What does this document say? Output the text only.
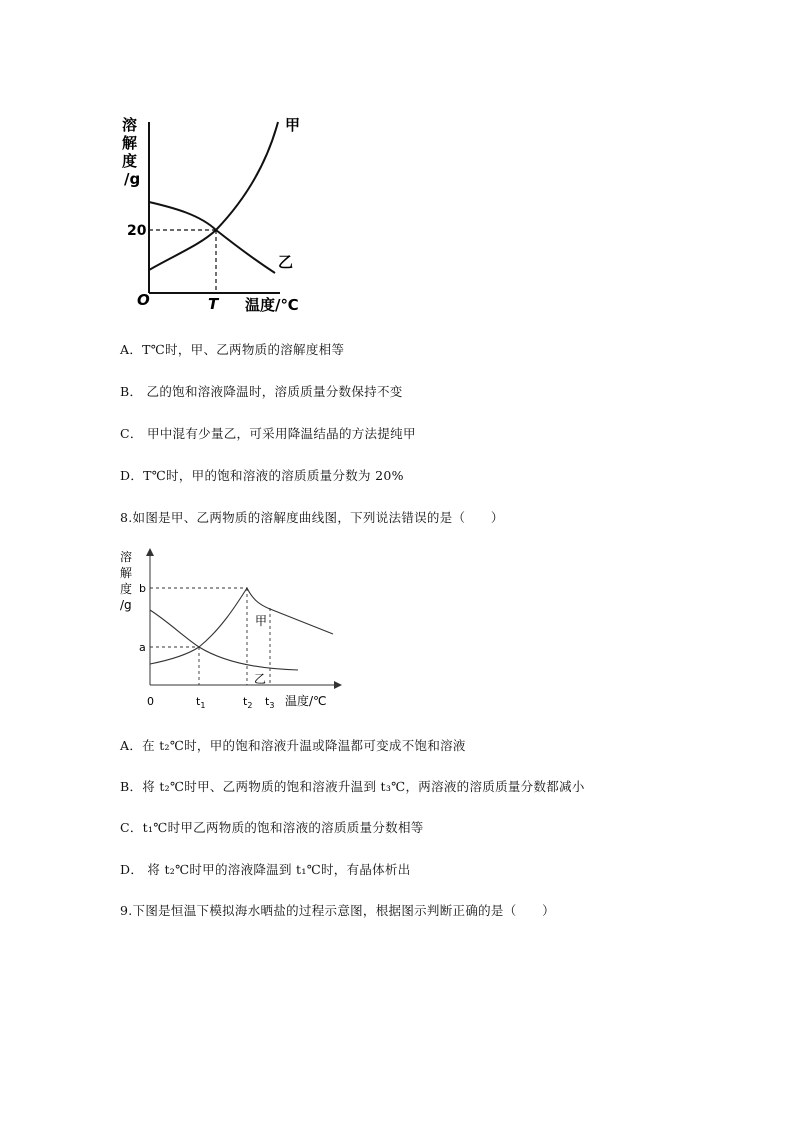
溶
解
度
/g
O
20
T 温度/℃
甲
乙
A．T℃时，甲、乙两物质的溶解度相等
B． 乙的饱和溶液降温时，溶质质量分数保持不变
C． 甲中混有少量乙，可采用降温结晶的方法提纯甲
D．T℃时，甲的饱和溶液的溶质质量分数为 20%
8.如图是甲、乙两物质的溶解度曲线图，下列说法错误的是（　　）
溶
解
度
/g
0
b
a
$t_1$	$t_2$ $t_3$ 温度/℃
甲
乙
A．在 t₂℃时，甲的饱和溶液升温或降温都可变成不饱和溶液
B．将 t₂℃时甲、乙两物质的饱和溶液升温到 t₃℃，两溶液的溶质质量分数都减小
C．t₁℃时甲乙两物质的饱和溶液的溶质质量分数相等
D． 将 t₂℃时甲的溶液降温到 t₁℃时，有晶体析出
9.下图是恒温下模拟海水晒盐的过程示意图，根据图示判断正确的是（　　）
